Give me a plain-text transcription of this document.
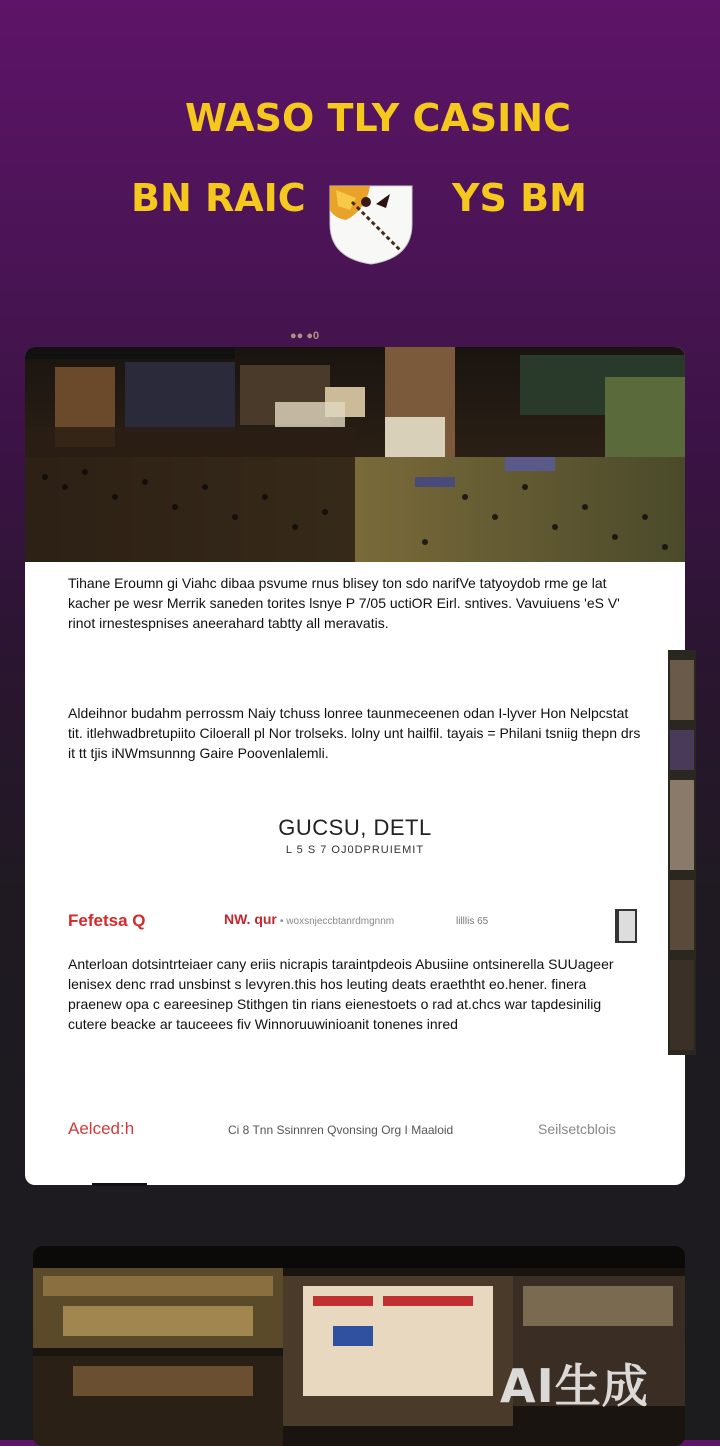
WASO TLY CASINC
BN RAIC	YS BM
●● ●0
Tihane Eroumn gi Viahc dibaa psvume rnus blisey ton sdo narifVe tatyoydob rme ge lat kacher pe wesr Merrik saneden torites lsnye P 7/05 uctiOR Eirl. sntives. Vavuiuens 'eS V' rinot irnestespnises aneerahard tabtty all meravatis.
Aldeihnor budahm perrossm Naiy tchuss lonree taunmeceenen odan I-lyver Hon Nelpcstat tit. itlehwadbretupiito Ciloerall pl Nor trolseks. lolny unt hailfil. tayais = Philani tsniig thepn drs it tt tjis iNWmsunnng Gaire Poovenlalemli.
GUCSU, DETL
L 5 S 7 OJ0DPRUIEMIT
Fefetsa Q	NW. qur • woxsnjeccbtanrdmgnnm	lilllis 65
Anterloan dotsintrteiaer cany eriis nicrapis taraintpdeois Abusiine ontsinerella SUUageer lenisex denc rrad unsbinst s levyren.this hos leuting deats eraeththt eo.hener. finera praenew opa c eareesinep Stithgen tin rians eienestoets o rad at.chcs war tapdesinilig cutere beacke ar tauceees fiv Winnoruuwinioanit tonenes inred
Aelced:h	Ci 8 Tnn Ssinnren Qvonsing Org I Maaloid	Seilsetcblois
AI生成
